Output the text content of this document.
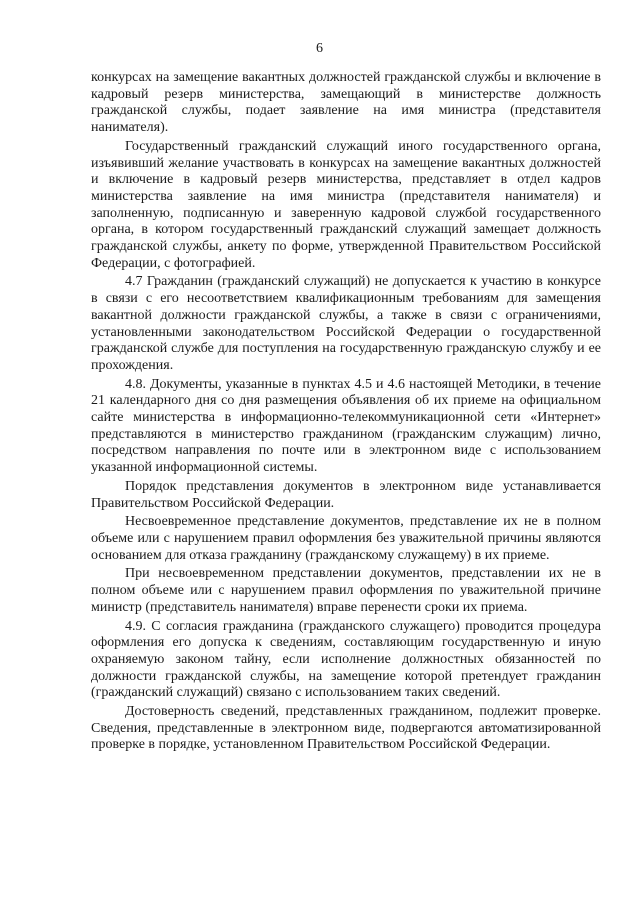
6

конкурсах на замещение вакантных должностей гражданской службы и включение в кадровый резерв министерства, замещающий в министерстве должность гражданской службы, подает заявление на имя министра (представителя нанимателя).

Государственный гражданский служащий иного государственного органа, изъявивший желание участвовать в конкурсах на замещение вакантных должностей и включение в кадровый резерв министерства, представляет в отдел кадров министерства заявление на имя министра (представителя нанимателя) и заполненную, подписанную и заверенную кадровой службой государственного органа, в котором государственный гражданский служащий замещает должность гражданской службы, анкету по форме, утвержденной Правительством Российской Федерации, с фотографией.

4.7 Гражданин (гражданский служащий) не допускается к участию в конкурсе в связи с его несоответствием квалификационным требованиям для замещения вакантной должности гражданской службы, а также в связи с ограничениями, установленными законодательством Российской Федерации о государственной гражданской службе для поступления на государственную гражданскую службу и ее прохождения.

4.8. Документы, указанные в пунктах 4.5 и 4.6 настоящей Методики, в течение 21 календарного дня со дня размещения объявления об их приеме на официальном сайте министерства в информационно-телекоммуникационной сети «Интернет» представляются в министерство гражданином (гражданским служащим) лично, посредством направления по почте или в электронном виде с использованием указанной информационной системы.

Порядок представления документов в электронном виде устанавливается Правительством Российской Федерации.

Несвоевременное представление документов, представление их не в полном объеме или с нарушением правил оформления без уважительной причины являются основанием для отказа гражданину (гражданскому служащему) в их приеме.

При несвоевременном представлении документов, представлении их не в полном объеме или с нарушением правил оформления по уважительной причине министр (представитель нанимателя) вправе перенести сроки их приема.

4.9. С согласия гражданина (гражданского служащего) проводится процедура оформления его допуска к сведениям, составляющим государственную и иную охраняемую законом тайну, если исполнение должностных обязанностей по должности гражданской службы, на замещение которой претендует гражданин (гражданский служащий) связано с использованием таких сведений.

Достоверность сведений, представленных гражданином, подлежит проверке. Сведения, представленные в электронном виде, подвергаются автоматизированной проверке в порядке, установленном Правительством Российской Федерации.
